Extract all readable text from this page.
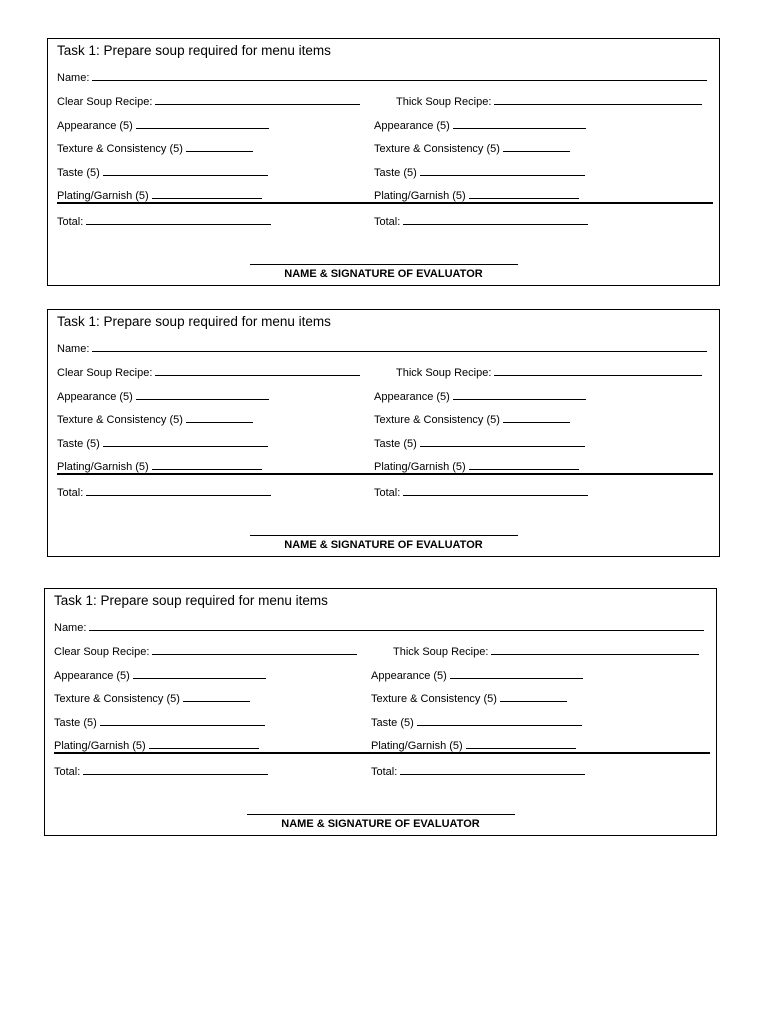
Task 1: Prepare soup required for menu items
Name:
Clear Soup Recipe:	Thick Soup Recipe:
Appearance (5)	Appearance (5)
Texture & Consistency (5)	Texture & Consistency (5)
Taste (5)	Taste (5)
Plating/Garnish (5)	Plating/Garnish (5)
Total:	Total:
NAME & SIGNATURE OF EVALUATOR
Task 1: Prepare soup required for menu items
Name:
Clear Soup Recipe:	Thick Soup Recipe:
Appearance (5)	Appearance (5)
Texture & Consistency (5)	Texture & Consistency (5)
Taste (5)	Taste (5)
Plating/Garnish (5)	Plating/Garnish (5)
Total:	Total:
NAME & SIGNATURE OF EVALUATOR
Task 1: Prepare soup required for menu items
Name:
Clear Soup Recipe:	Thick Soup Recipe:
Appearance (5)	Appearance (5)
Texture & Consistency (5)	Texture & Consistency (5)
Taste (5)	Taste (5)
Plating/Garnish (5)	Plating/Garnish (5)
Total:	Total:
NAME & SIGNATURE OF EVALUATOR
